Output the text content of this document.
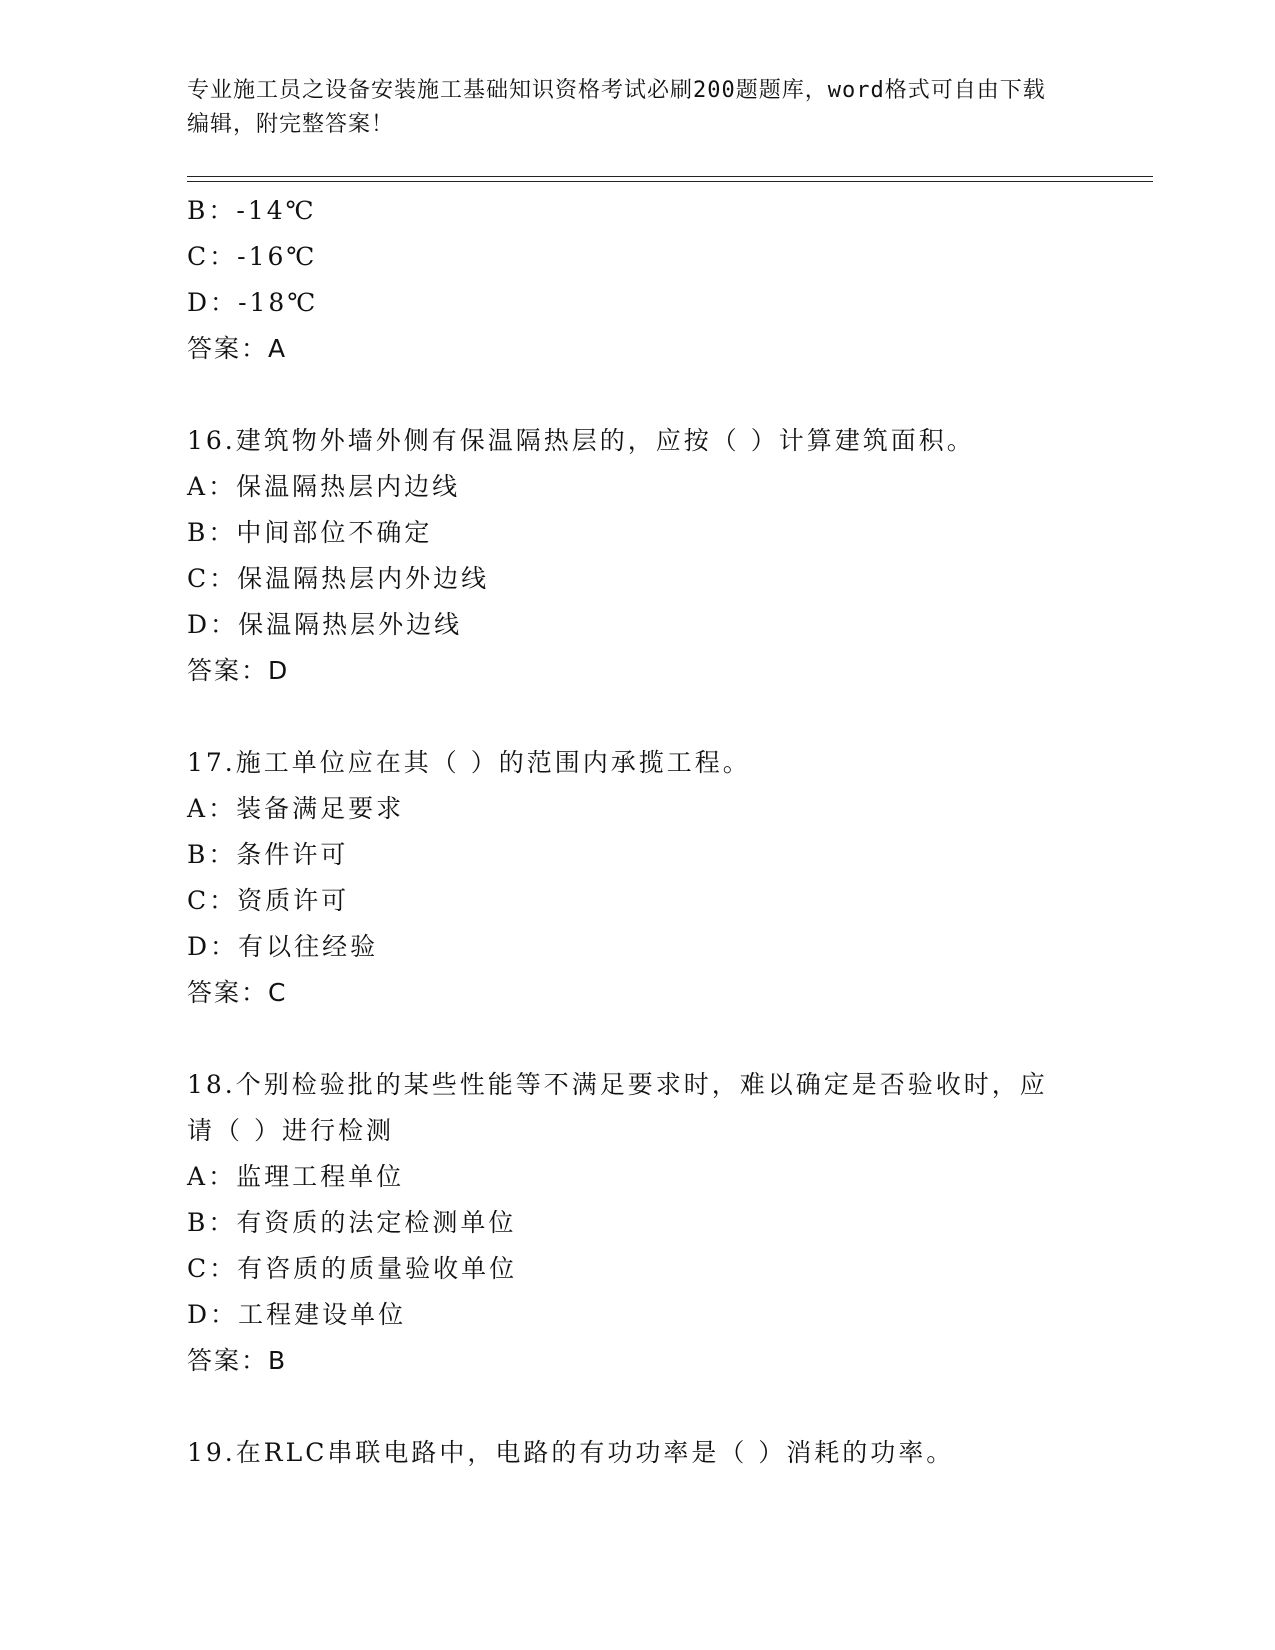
专业施工员之设备安装施工基础知识资格考试必刷200题题库，word格式可自由下载编辑，附完整答案！
B：-14℃
C：-16℃
D：-18℃
答案：A
16.建筑物外墙外侧有保温隔热层的，应按（ ）计算建筑面积。
A：保温隔热层内边线
B：中间部位不确定
C：保温隔热层内外边线
D：保温隔热层外边线
答案：D
17.施工单位应在其（ ）的范围内承揽工程。
A：装备满足要求
B：条件许可
C：资质许可
D：有以往经验
答案：C
18.个别检验批的某些性能等不满足要求时，难以确定是否验收时，应请（ ）进行检测
A：监理工程单位
B：有资质的法定检测单位
C：有咨质的质量验收单位
D：工程建设单位
答案：B
19.在RLC串联电路中，电路的有功功率是（ ）消耗的功率。
